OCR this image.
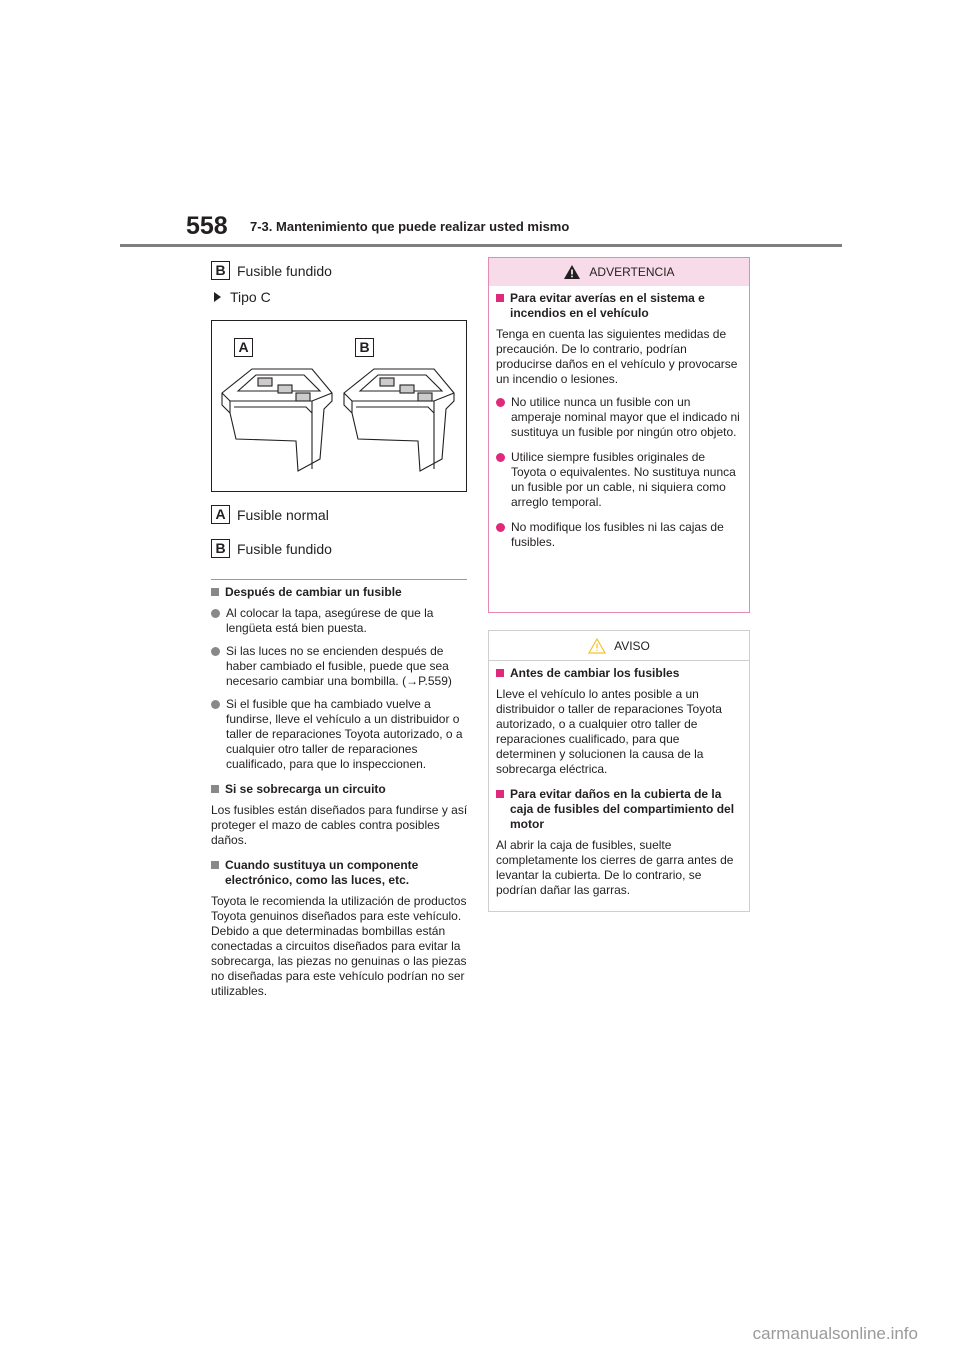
558 7-3. Mantenimiento que puede realizar usted mismo
B Fusible fundido
Tipo C
A	B
A Fusible normal
B Fusible fundido
Después de cambiar un fusible
Al colocar la tapa, asegúrese de que la lengüeta está bien puesta.
Si las luces no se encienden después de haber cambiado el fusible, puede que sea necesario cambiar una bombilla. (→P.559)
Si el fusible que ha cambiado vuelve a fundirse, lleve el vehículo a un distribuidor o taller de reparaciones Toyota autorizado, o a cualquier otro taller de reparaciones cualificado, para que lo inspeccionen.
Si se sobrecarga un circuito
Los fusibles están diseñados para fundirse y así proteger el mazo de cables contra posibles daños.
Cuando sustituya un componente electrónico, como las luces, etc.
Toyota le recomienda la utilización de productos Toyota genuinos diseñados para este vehículo. Debido a que determinadas bombillas están conectadas a circuitos diseñados para evitar la sobrecarga, las piezas no genuinas o las piezas no diseñadas para este vehículo podrían no ser utilizables.
ADVERTENCIA
Para evitar averías en el sistema e incendios en el vehículo
Tenga en cuenta las siguientes medidas de precaución. De lo contrario, podrían producirse daños en el vehículo y provocarse un incendio o lesiones.
No utilice nunca un fusible con un amperaje nominal mayor que el indicado ni sustituya un fusible por ningún otro objeto.
Utilice siempre fusibles originales de Toyota o equivalentes. No sustituya nunca un fusible por un cable, ni siquiera como arreglo temporal.
No modifique los fusibles ni las cajas de fusibles.
AVISO
Antes de cambiar los fusibles
Lleve el vehículo lo antes posible a un distribuidor o taller de reparaciones Toyota autorizado, o a cualquier otro taller de reparaciones cualificado, para que determinen y solucionen la causa de la sobrecarga eléctrica.
Para evitar daños en la cubierta de la caja de fusibles del compartimiento del motor
Al abrir la caja de fusibles, suelte completamente los cierres de garra antes de levantar la cubierta. De lo contrario, se podrían dañar las garras.
carmanualsonline.info
